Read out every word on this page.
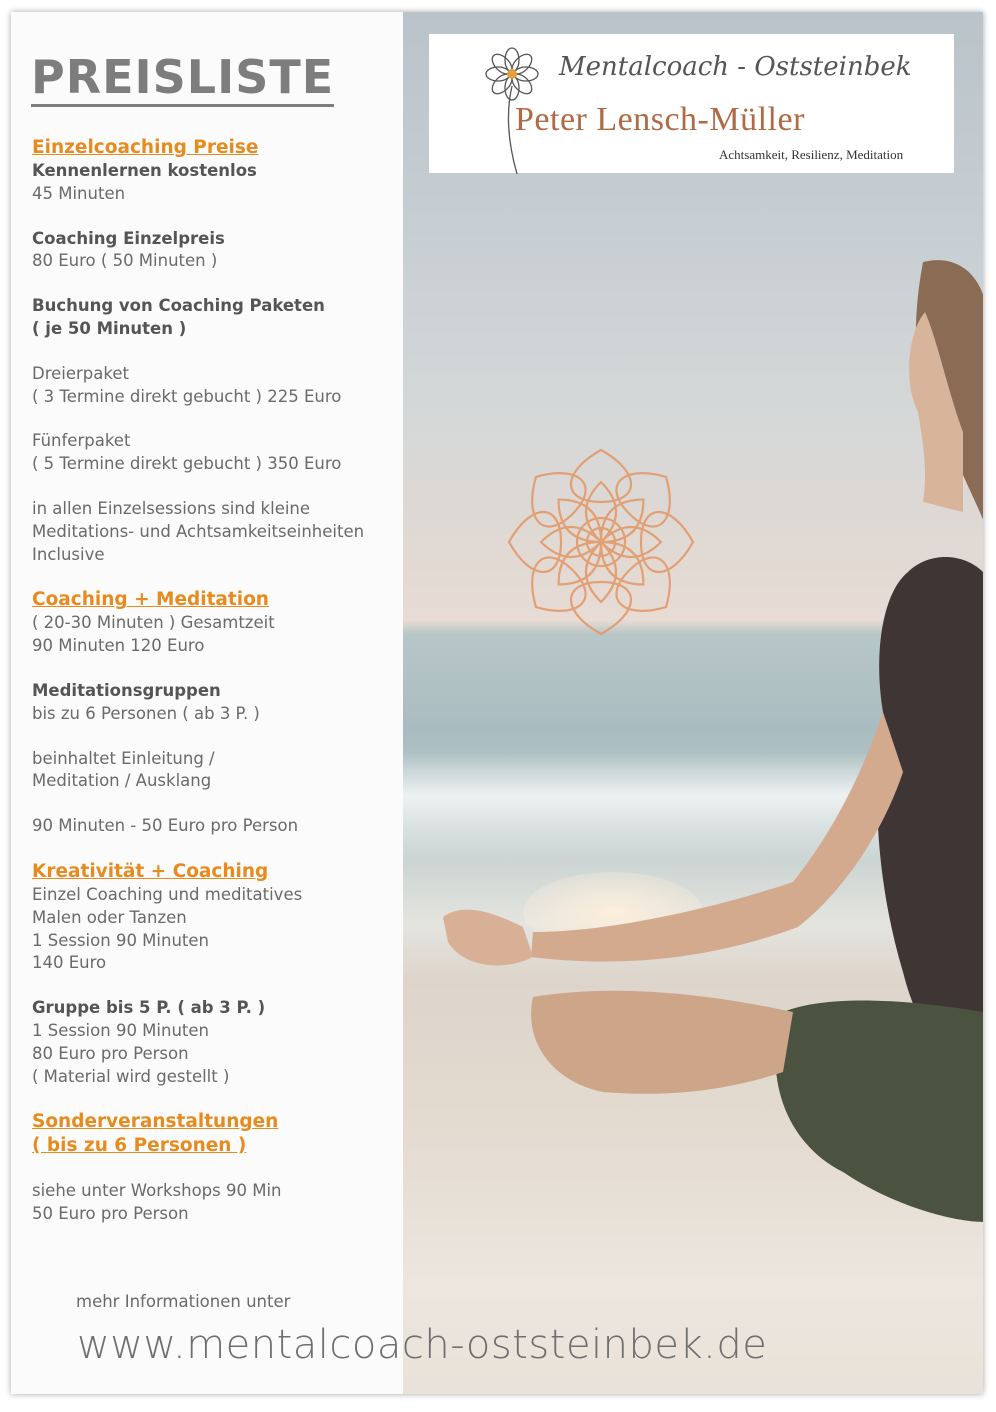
Mentalcoach - Oststeinbek
Peter Lensch-Müller
Achtsamkeit, Resilienz, Meditation
PREISLISTE

Einzelcoaching Preise

Kennenlernen kostenlos

45 Minuten

Coaching Einzelpreis

80 Euro ( 50 Minuten )

Buchung von Coaching Paketen

( je 50 Minuten )

Dreierpaket

( 3 Termine direkt gebucht ) 225 Euro

Fünferpaket

( 5 Termine direkt gebucht ) 350 Euro

in allen Einzelsessions sind kleine

Meditations- und Achtsamkeitseinheiten

Inclusive

Coaching + Meditation

( 20-30 Minuten ) Gesamtzeit

90 Minuten 120 Euro

Meditationsgruppen

bis zu 6 Personen ( ab 3 P. )

beinhaltet Einleitung /

Meditation / Ausklang

90 Minuten - 50 Euro pro Person

Kreativität + Coaching

Einzel Coaching und meditatives

Malen oder Tanzen

1 Session 90 Minuten

140 Euro

Gruppe bis 5 P. ( ab 3 P. )

1 Session 90 Minuten

80 Euro pro Person

( Material wird gestellt )

Sonderveranstaltungen

( bis zu 6 Personen )

siehe unter Workshops 90 Min

50 Euro pro Person

mehr Informationen unter
www.mentalcoach-oststeinbek.de
